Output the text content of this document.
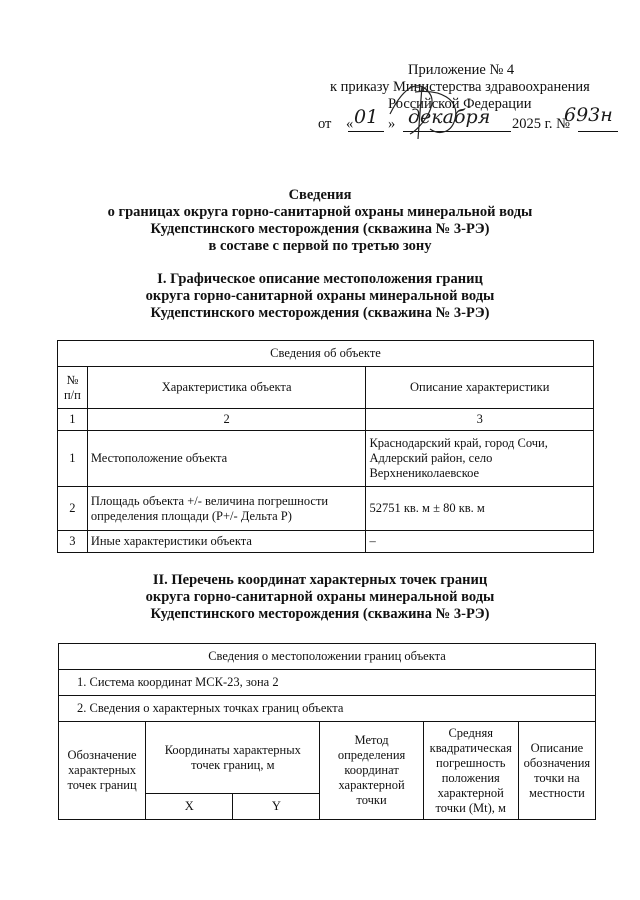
Приложение № 4
к приказу Министерства здравоохранения
Российской Федерации
от « »	2025 г. №
01 декабря	693н
Сведения
о границах округа горно-санитарной охраны минеральной воды
Кудепстинского месторождения (скважина № 3-РЭ)
в составе с первой по третью зону
I. Графическое описание местоположения границ
округа горно-санитарной охраны минеральной воды
Кудепстинского месторождения (скважина № 3-РЭ)
Сведения об объекте		
№ п/п	Характеристика объекта	Описание характеристики
1	2	3
1	Местоположение объекта	Краснодарский край, город Сочи, Адлерский район, село Верхнениколаевское
2	Площадь объекта +/- величина погрешности определения площади (P+/- Дельта P)	52751 кв. м ± 80 кв. м
3	Иные характеристики объекта	–
II. Перечень координат характерных точек границ
округа горно-санитарной охраны минеральной воды
Кудепстинского месторождения (скважина № 3-РЭ)
Сведения о местоположении границ объекта					
1. Система координат МСК-23, зона 2					
2. Сведения о характерных точках границ объекта					
Обозначение характерных точек границ	Координаты характерных точек границ, м		Метод определения координат характерной точки	Средняя квадратическая погрешность положения характерной точки (Mt), м	Описание обозначения точки на местности
	X	Y			
